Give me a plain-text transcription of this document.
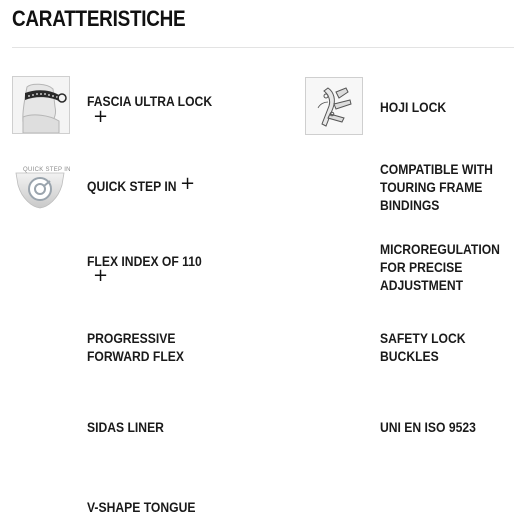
CARATTERISTICHE
FASCIA ULTRA LOCK
+
QUICK STEP IN
QUICK STEP IN +
FLEX INDEX OF 110
+
PROGRESSIVE
FORWARD FLEX
SIDAS LINER
V-SHAPE TONGUE
HOJI LOCK
COMPATIBLE WITH
TOURING FRAME
BINDINGS
MICROREGULATION
FOR PRECISE
ADJUSTMENT
SAFETY LOCK
BUCKLES
UNI EN ISO 9523
